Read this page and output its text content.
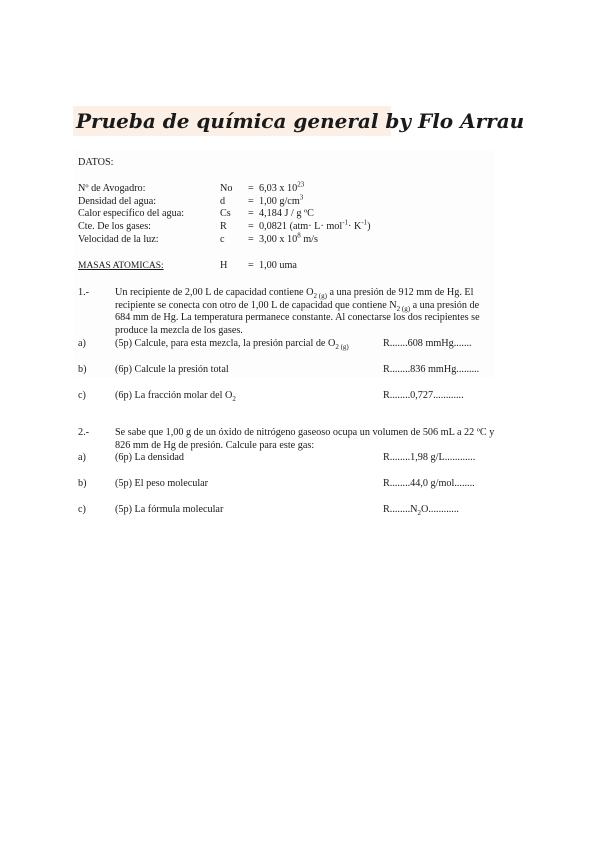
Prueba de química general by Flo Arrau
DATOS:
Nº de Avogadro:	No = 6,03 x $10^{23}$
Densidad del agua:	d = 1,00 $g/cm^3$
Calor específico del agua:	Cs = 4,184 J / g ºC
Cte. De los gases:	R = 0,0821 $(atm\cdot L\cdot mol^{-1}\cdot K^{-1})$
Velocidad de la luz:	c = 3,00 x $10^8$ m/s
MASAS ATOMICAS:	H = 1,00 uma
1.-	Un recipiente de 2,00 L de capacidad contiene $O_{2 (g)}$ a una presión de 912 mm de Hg. El recipiente se conecta con otro de 1,00 L de capacidad que contiene $N_{2 (g)}$ a una presión de 684 mm de Hg. La temperatura permanece constante. Al conectarse los dos recipientes se produce la mezcla de los gases.
a)	(5p) Calcule, para esta mezcla, la presión parcial de $O_{2 (g)}$	R.......608 mmHg.......
b)	(6p) Calcule la presión total	R........836 mmHg.........
c)	(6p) La fracción molar del $O_2$	R........0,727............
2.-	Se sabe que 1,00 g de un óxido de nitrógeno gaseoso ocupa un volumen de 506 mL a 22 ºC y 826 mm de Hg de presión. Calcule para este gas:
a)	(6p) La densidad	R........1,98 g/L............
b)	(5p) El peso molecular	R........44,0 g/mol........
c)	(5p) La fórmula molecular	$R........N_2O$............
